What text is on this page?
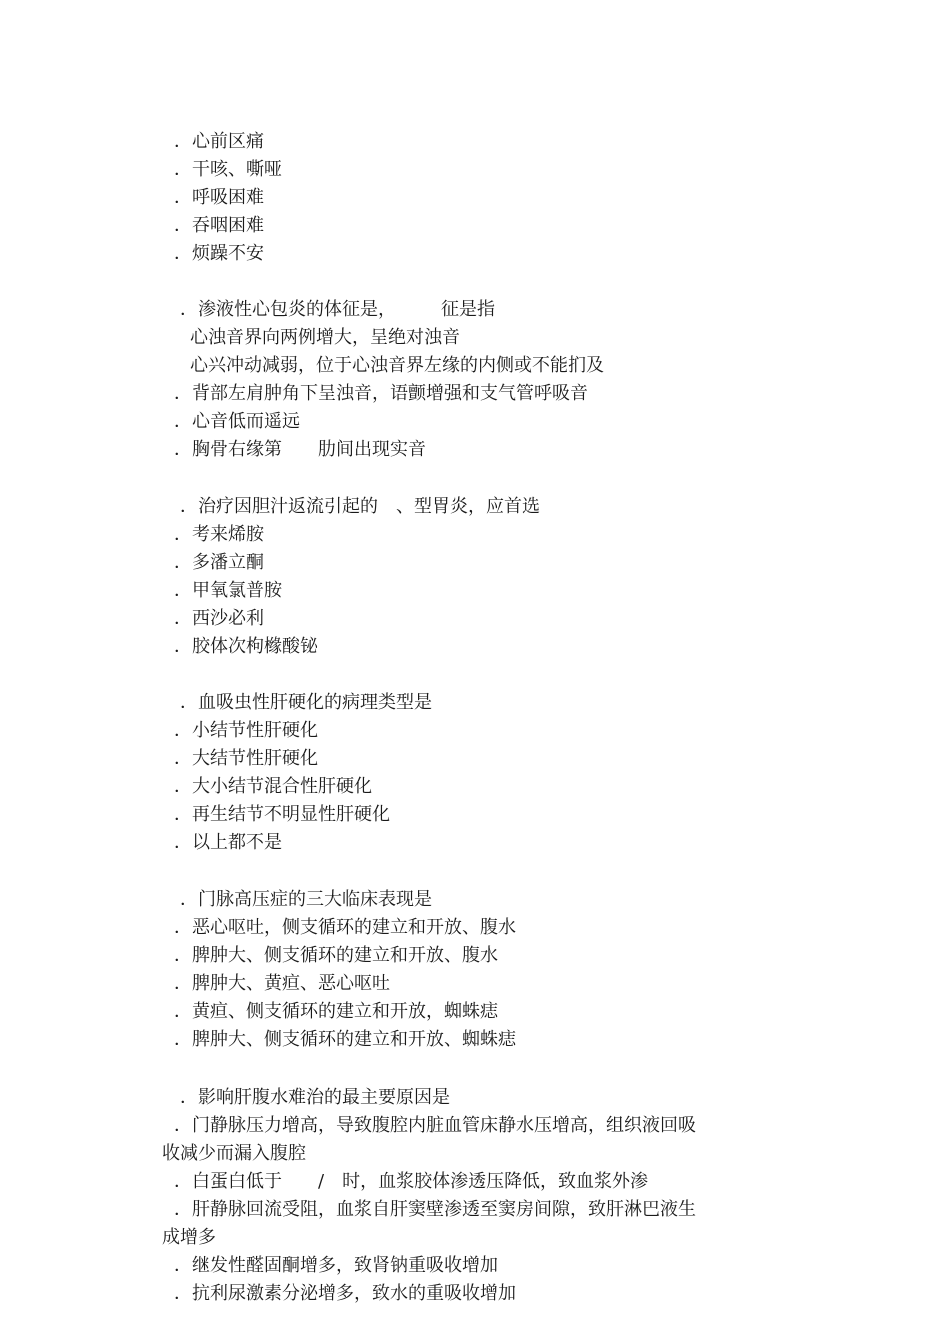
．心前区痛
．干咳、嘶哑
．呼吸困难
．吞咽困难
．烦躁不安
．渗液性心包炎的体征是，　　　征是指
心浊音界向两例增大，呈绝对浊音
心兴冲动减弱，位于心浊音界左缘的内侧或不能扪及
．背部左肩肿角下呈浊音，语颤增强和支气管呼吸音
．心音低而遥远
．胸骨右缘第　　肋间出现实音
．治疗因胆汁返流引起的　、型胃炎，应首选
．考来烯胺
．多潘立酮
．甲氧氯普胺
．西沙必利
．胶体次枸橼酸铋
．血吸虫性肝硬化的病理类型是
．小结节性肝硬化
．大结节性肝硬化
．大小结节混合性肝硬化
．再生结节不明显性肝硬化
．以上都不是
．门脉高压症的三大临床表现是
．恶心呕吐，侧支循环的建立和开放、腹水
．脾肿大、侧支循环的建立和开放、腹水
．脾肿大、黄疸、恶心呕吐
．黄疸、侧支循环的建立和开放，蜘蛛痣
．脾肿大、侧支循环的建立和开放、蜘蛛痣
．影响肝腹水难治的最主要原因是
．门静脉压力增高，导致腹腔内脏血管床静水压增高，组织液回吸
收减少而漏入腹腔
．白蛋白低于　　/　时，血浆胶体渗透压降低，致血浆外渗
．肝静脉回流受阻，血浆自肝窦壁渗透至窦房间隙，致肝淋巴液生
成增多
．继发性醛固酮增多，致肾钠重吸收增加
．抗利尿激素分泌增多，致水的重吸收增加
